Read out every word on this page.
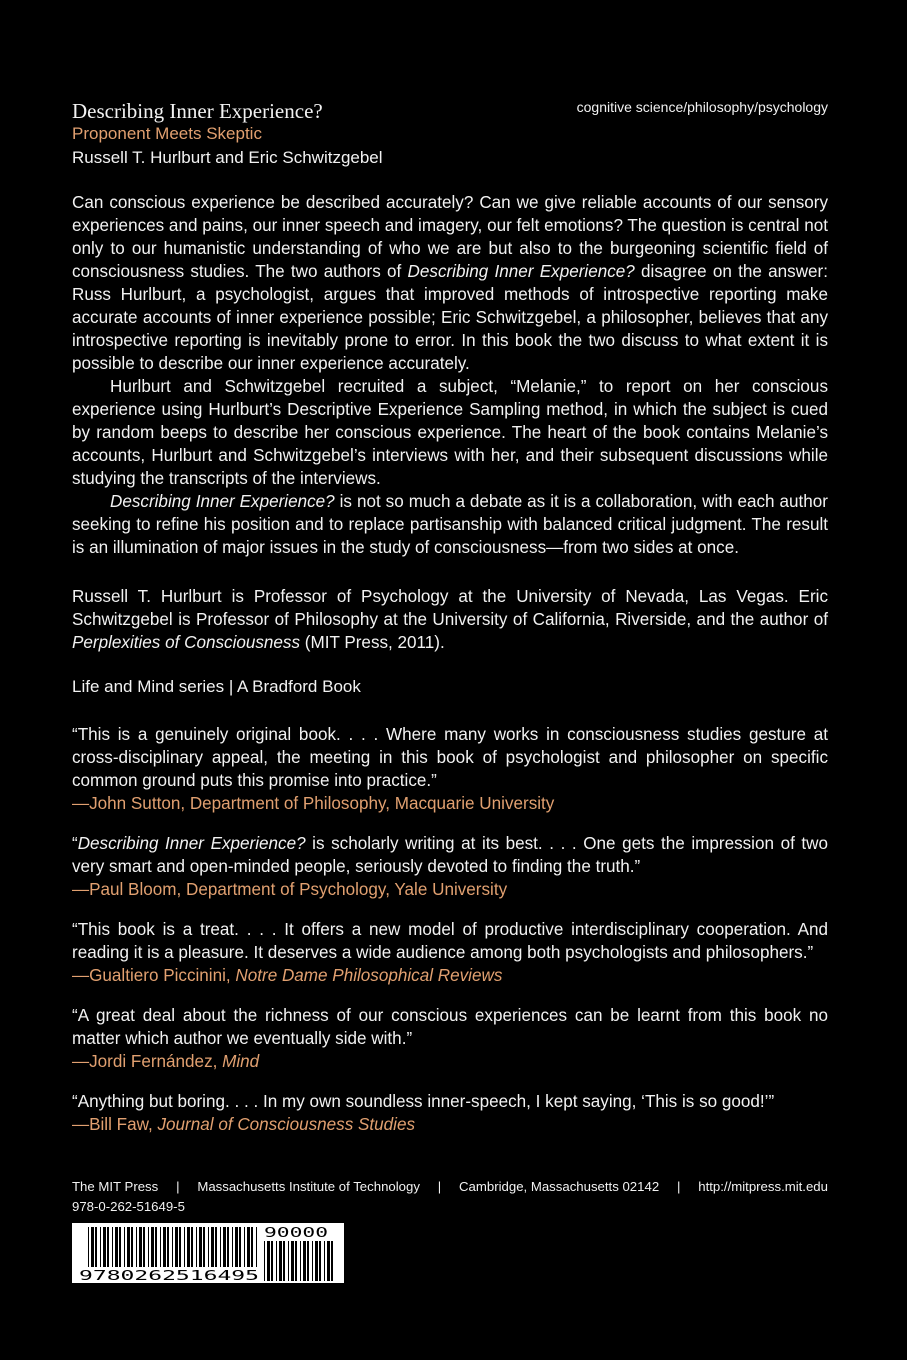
Describing Inner Experience?
Proponent Meets Skeptic
Russell T. Hurlburt and Eric Schwitzgebel
cognitive science/philosophy/psychology

Can conscious experience be described accurately? Can we give reliable accounts of our sensory experiences and pains, our inner speech and imagery, our felt emotions? The question is central not only to our humanistic understanding of who we are but also to the burgeoning scientific field of consciousness studies. The two authors of Describing Inner Experience? disagree on the answer: Russ Hurlburt, a psychologist, argues that improved methods of introspective reporting make accurate accounts of inner experience possible; Eric Schwitzgebel, a philosopher, believes that any introspective reporting is inevitably prone to error. In this book the two discuss to what extent it is possible to describe our inner experience accurately.

Hurlburt and Schwitzgebel recruited a subject, “Melanie,” to report on her conscious experience using Hurlburt’s Descriptive Experience Sampling method, in which the subject is cued by random beeps to describe her conscious experience. The heart of the book contains Melanie’s accounts, Hurlburt and Schwitzgebel’s interviews with her, and their subsequent discussions while studying the transcripts of the interviews.

Describing Inner Experience? is not so much a debate as it is a collaboration, with each author seeking to refine his position and to replace partisanship with balanced critical judgment. The result is an illumination of major issues in the study of consciousness—from two sides at once.

Russell T. Hurlburt is Professor of Psychology at the University of Nevada, Las Vegas. Eric Schwitzgebel is Professor of Philosophy at the University of California, Riverside, and the author of Perplexities of Consciousness (MIT Press, 2011).

Life and Mind series | A Bradford Book
“This is a genuinely original book. . . . Where many works in consciousness studies gesture at cross-disciplinary appeal, the meeting in this book of psychologist and philosopher on specific common ground puts this promise into practice.”
—John Sutton, Department of Philosophy, Macquarie University
“Describing Inner Experience? is scholarly writing at its best. . . . One gets the impression of two very smart and open-minded people, seriously devoted to finding the truth.”
—Paul Bloom, Department of Psychology, Yale University
“This book is a treat. . . . It offers a new model of productive interdisciplinary cooperation. And reading it is a pleasure. It deserves a wide audience among both psychologists and philosophers.”
—Gualtiero Piccinini, Notre Dame Philosophical Reviews
“A great deal about the richness of our conscious experiences can be learnt from this book no matter which author we eventually side with.”
—Jordi Fernández, Mind
“Anything but boring. . . . In my own soundless inner-speech, I kept saying, ‘This is so good!’”
—Bill Faw, Journal of Consciousness Studies
The MIT Press | Massachusetts Institute of Technology | Cambridge, Massachusetts 02142 | http://mitpress.mit.edu
978-0-262-51649-5
9780262516495
90000
